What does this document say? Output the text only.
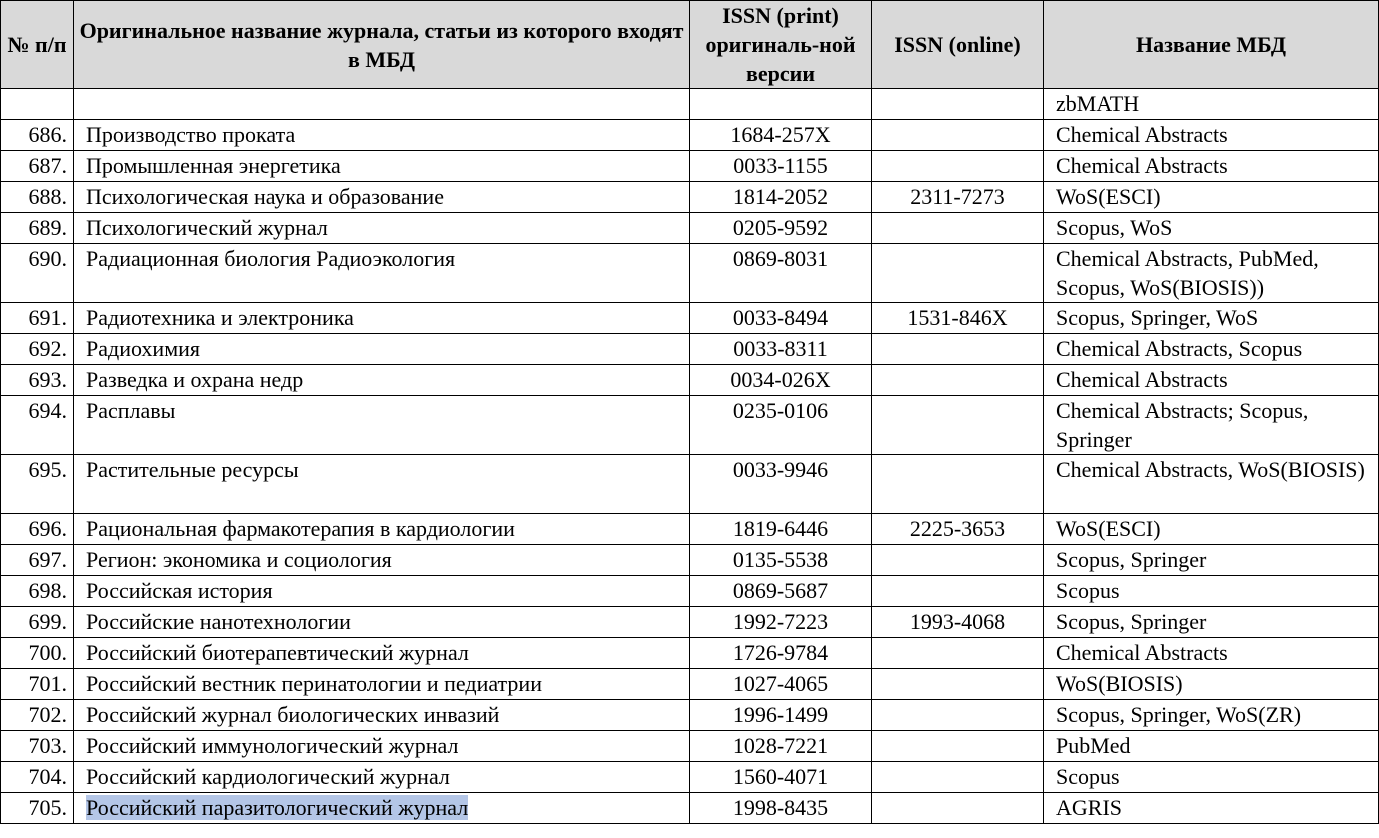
№ п/п	Оригинальное название журнала, статьи из которого входят в МБД	ISSN (print) оригиналь-ной версии	ISSN (online)	Название МБД
				zbMATH
686.	Производство проката	1684-257X		Chemical Abstracts
687.	Промышленная энергетика	0033-1155		Chemical Abstracts
688.	Психологическая наука и образование	1814-2052	2311-7273	WoS(ESCI)
689.	Психологический журнал	0205-9592		Scopus, WoS
690.	Радиационная биология Радиоэкология	0869-8031		Chemical Abstracts, PubMed, Scopus, WoS(BIOSIS))
691.	Радиотехника и электроника	0033-8494	1531-846X	Scopus, Springer, WoS
692.	Радиохимия	0033-8311		Chemical Abstracts, Scopus
693.	Разведка и охрана недр	0034-026X		Chemical Abstracts
694.	Расплавы	0235-0106		Chemical Abstracts; Scopus, Springer
695.	Растительные ресурсы	0033-9946		Chemical Abstracts, WoS(BIOSIS)
696.	Рациональная фармакотерапия в кардиологии	1819-6446	2225-3653	WoS(ESCI)
697.	Регион: экономика и социология	0135-5538		Scopus, Springer
698.	Российская история	0869-5687		Scopus
699.	Российские нанотехнологии	1992-7223	1993-4068	Scopus, Springer
700.	Российский биотерапевтический журнал	1726-9784		Chemical Abstracts
701.	Российский вестник перинатологии и педиатрии	1027-4065		WoS(BIOSIS)
702.	Российский журнал биологических инвазий	1996-1499		Scopus, Springer, WoS(ZR)
703.	Российский иммунологический журнал	1028-7221		PubMed
704.	Российский кардиологический журнал	1560-4071		Scopus
705.	Российский паразитологический журнал	1998-8435		AGRIS
